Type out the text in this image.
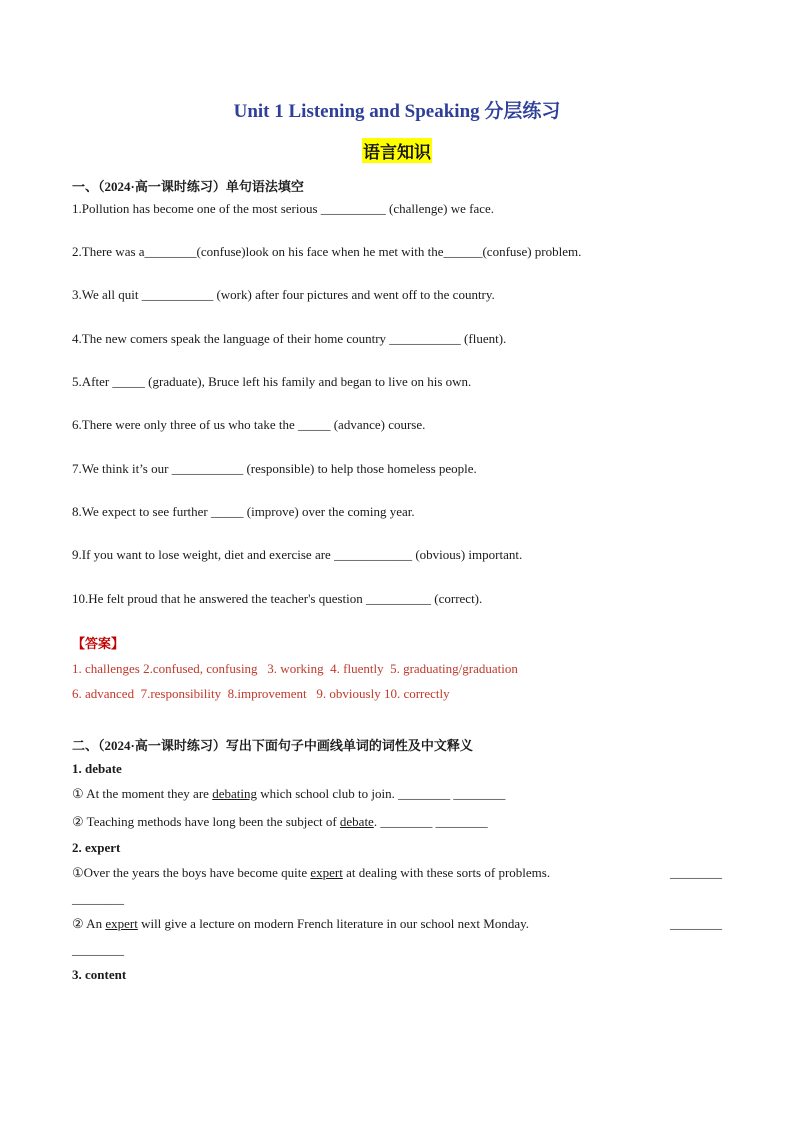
Unit 1 Listening and Speaking 分层练习
语言知识
一、（2024·高一课时练习）单句语法填空
1.Pollution has become one of the most serious __________ (challenge) we face.
2.There was a________(confuse)look on his face when he met with the______(confuse) problem.
3.We all quit ___________ (work) after four pictures and went off to the country.
4.The new comers speak the language of their home country ___________ (fluent).
5.After _____ (graduate), Bruce left his family and began to live on his own.
6.There were only three of us who take the _____ (advance) course.
7.We think it’s our ___________ (responsible) to help those homeless people.
8.We expect to see further _____ (improve) over the coming year.
9.If you want to lose weight, diet and exercise are ____________ (obvious) important.
10.He felt proud that he answered the teacher's question __________ (correct).
【答案】
1. challenges 2.confused, confusing   3. working  4. fluently  5. graduating/graduation
6. advanced  7.responsibility  8.improvement   9. obviously 10. correctly
二、（2024·高一课时练习）写出下面句子中画线单词的词性及中文释义
1. debate
① At the moment they are debating which school club to join. ________ ________
② Teaching methods have long been the subject of debate. ________ ________
2. expert
①Over the years the boys have become quite expert at dealing with these sorts of problems.	________
________
② An expert will give a lecture on modern French literature in our school next Monday.	________
________
3. content
